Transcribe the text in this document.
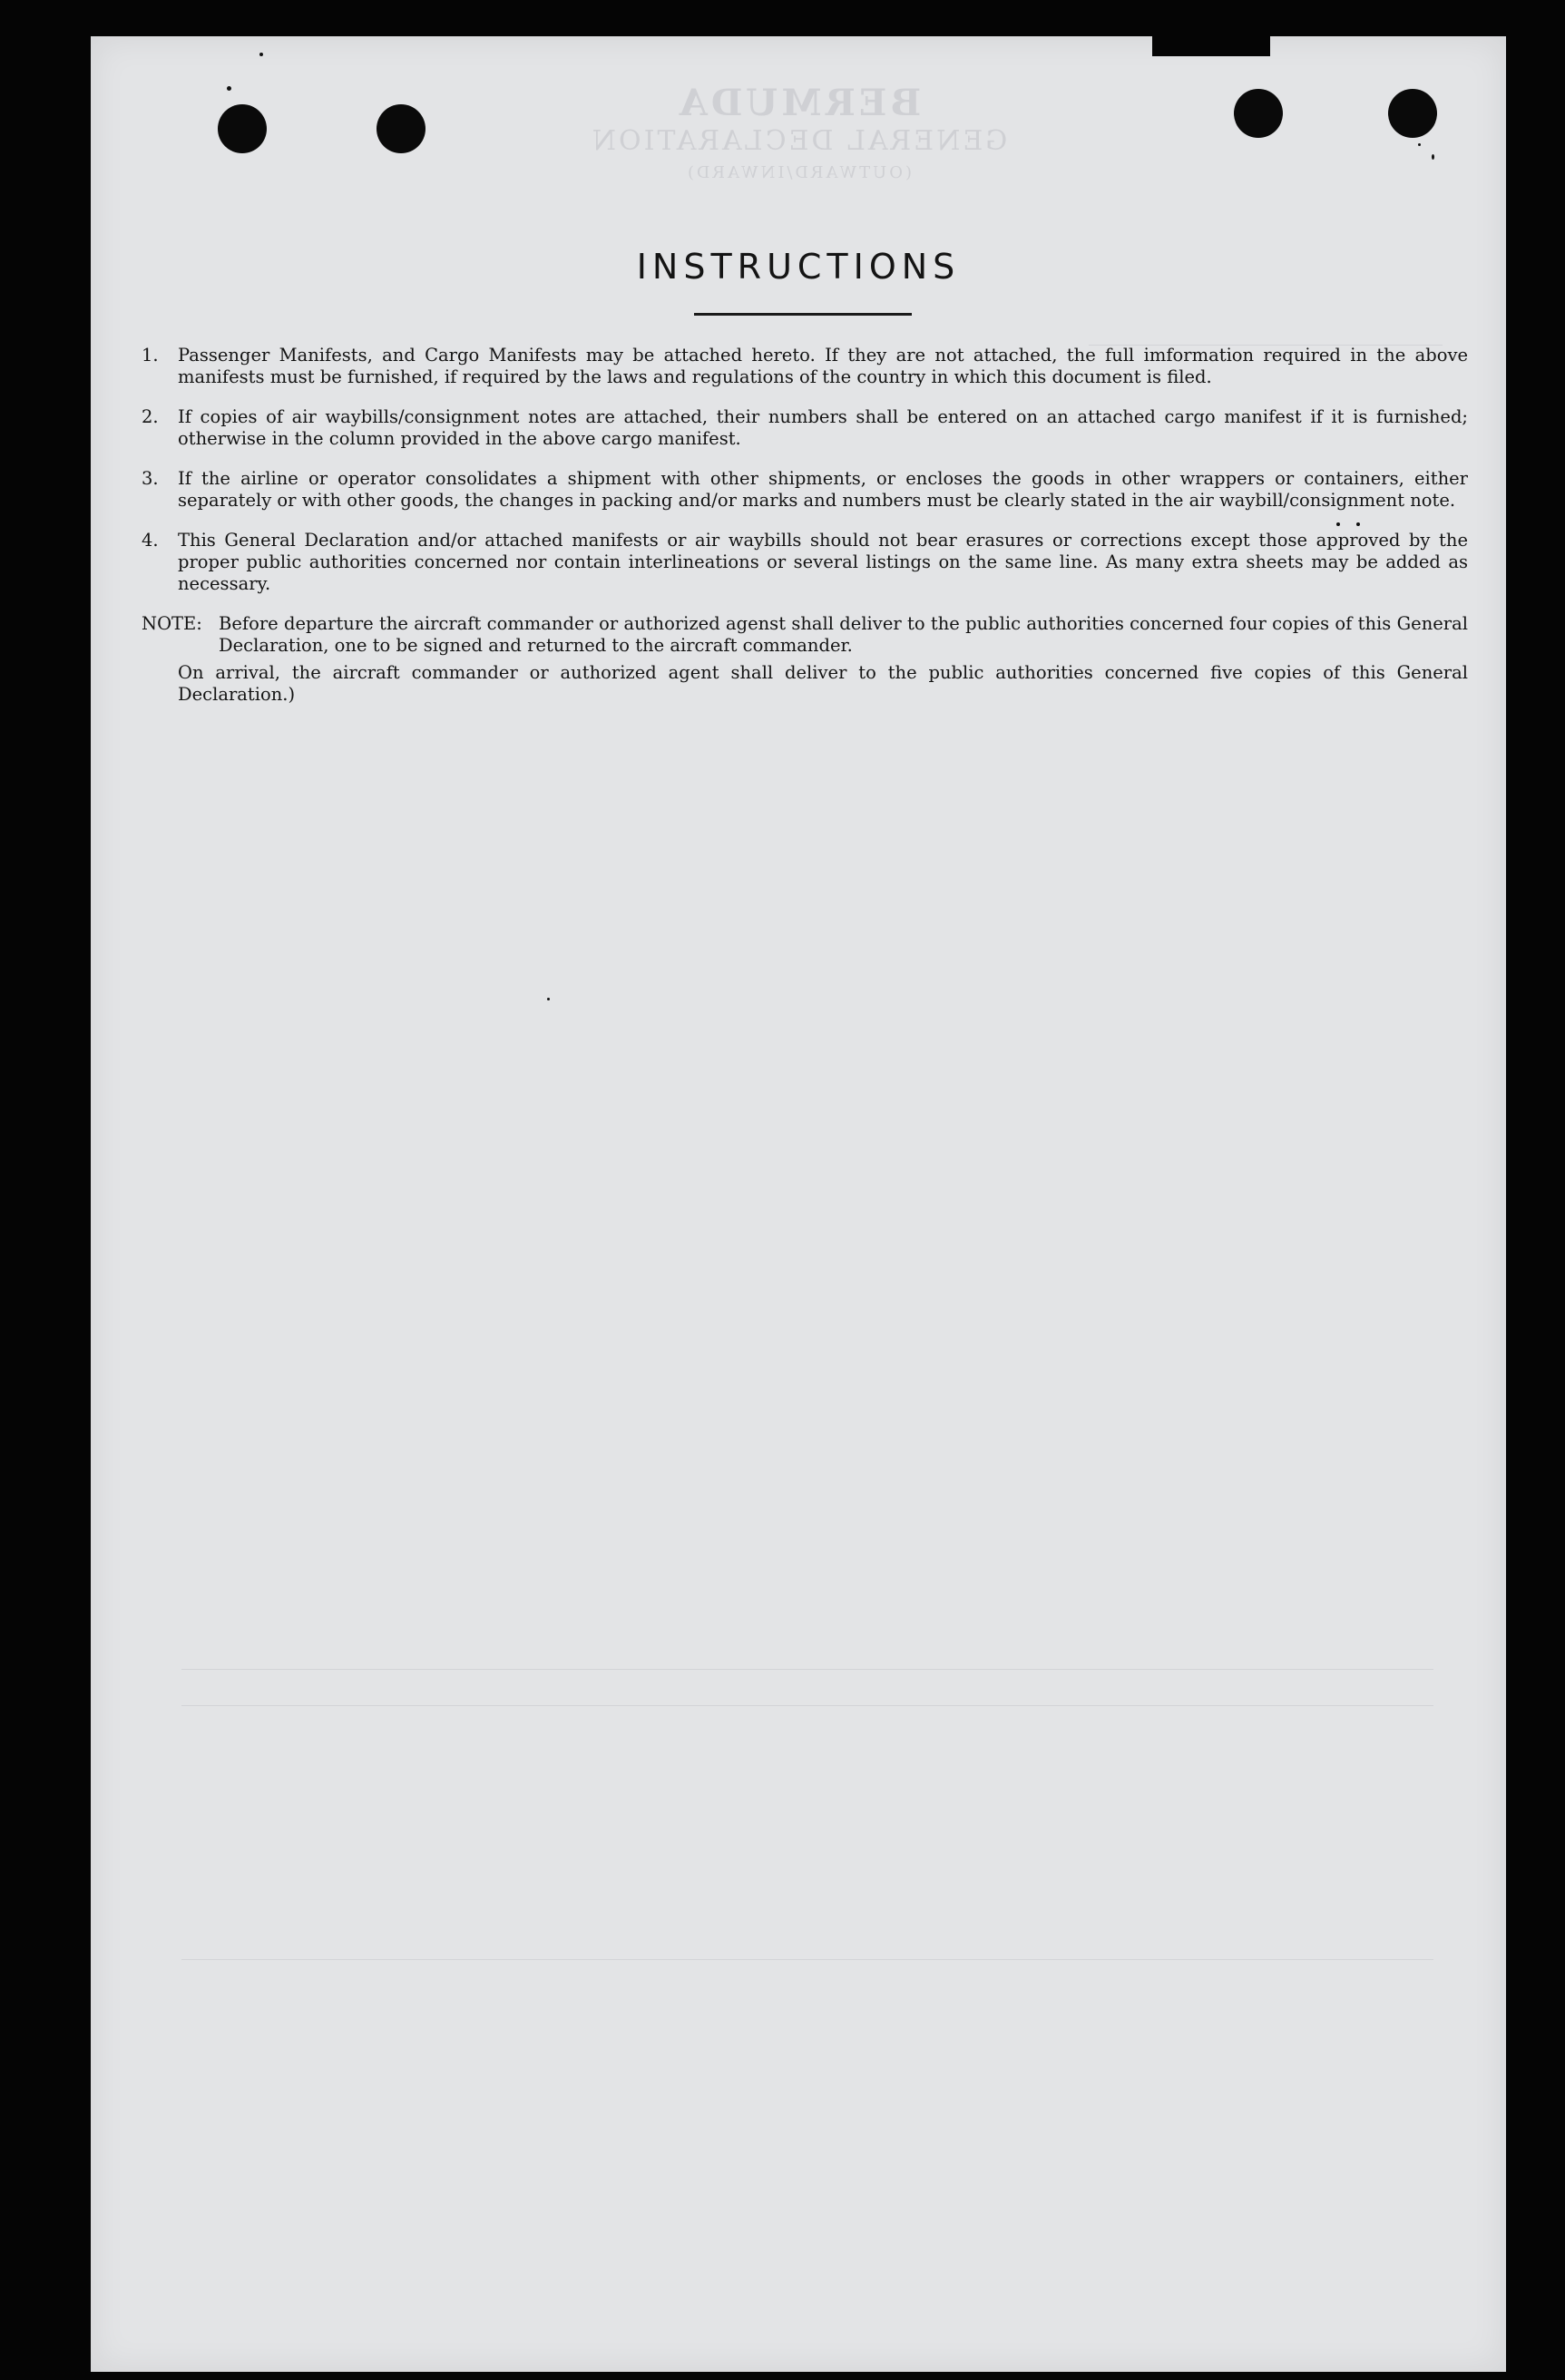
BERMUDA
GENERAL DECLARATION
(OUTWARD/INWARD)
INSTRUCTIONS
1.	Passenger Manifests, and Cargo Manifests may be attached hereto. If they are not attached, the full imformation required in the above manifests must be furnished, if required by the laws and regulations of the country in which this document is filed.
2.	If copies of air waybills/consignment notes are attached, their numbers shall be entered on an attached cargo manifest if it is furnished; otherwise in the column provided in the above cargo manifest.
3.	If the airline or operator consolidates a shipment with other shipments, or encloses the goods in other wrappers or containers, either separately or with other goods, the changes in packing and/or marks and numbers must be clearly stated in the air waybill/consignment note.
4.	This General Declaration and/or attached manifests or air waybills should not bear erasures or corrections except those approved by the proper public authorities concerned nor contain interlineations or several listings on the same line. As many extra sheets may be added as necessary.
NOTE: Before departure the aircraft commander or authorized agenst shall deliver to the public authorities concerned four copies of this General Declaration, one to be signed and returned to the aircraft commander.
On arrival, the aircraft commander or authorized agent shall deliver to the public authorities concerned five copies of this General Declaration.)
